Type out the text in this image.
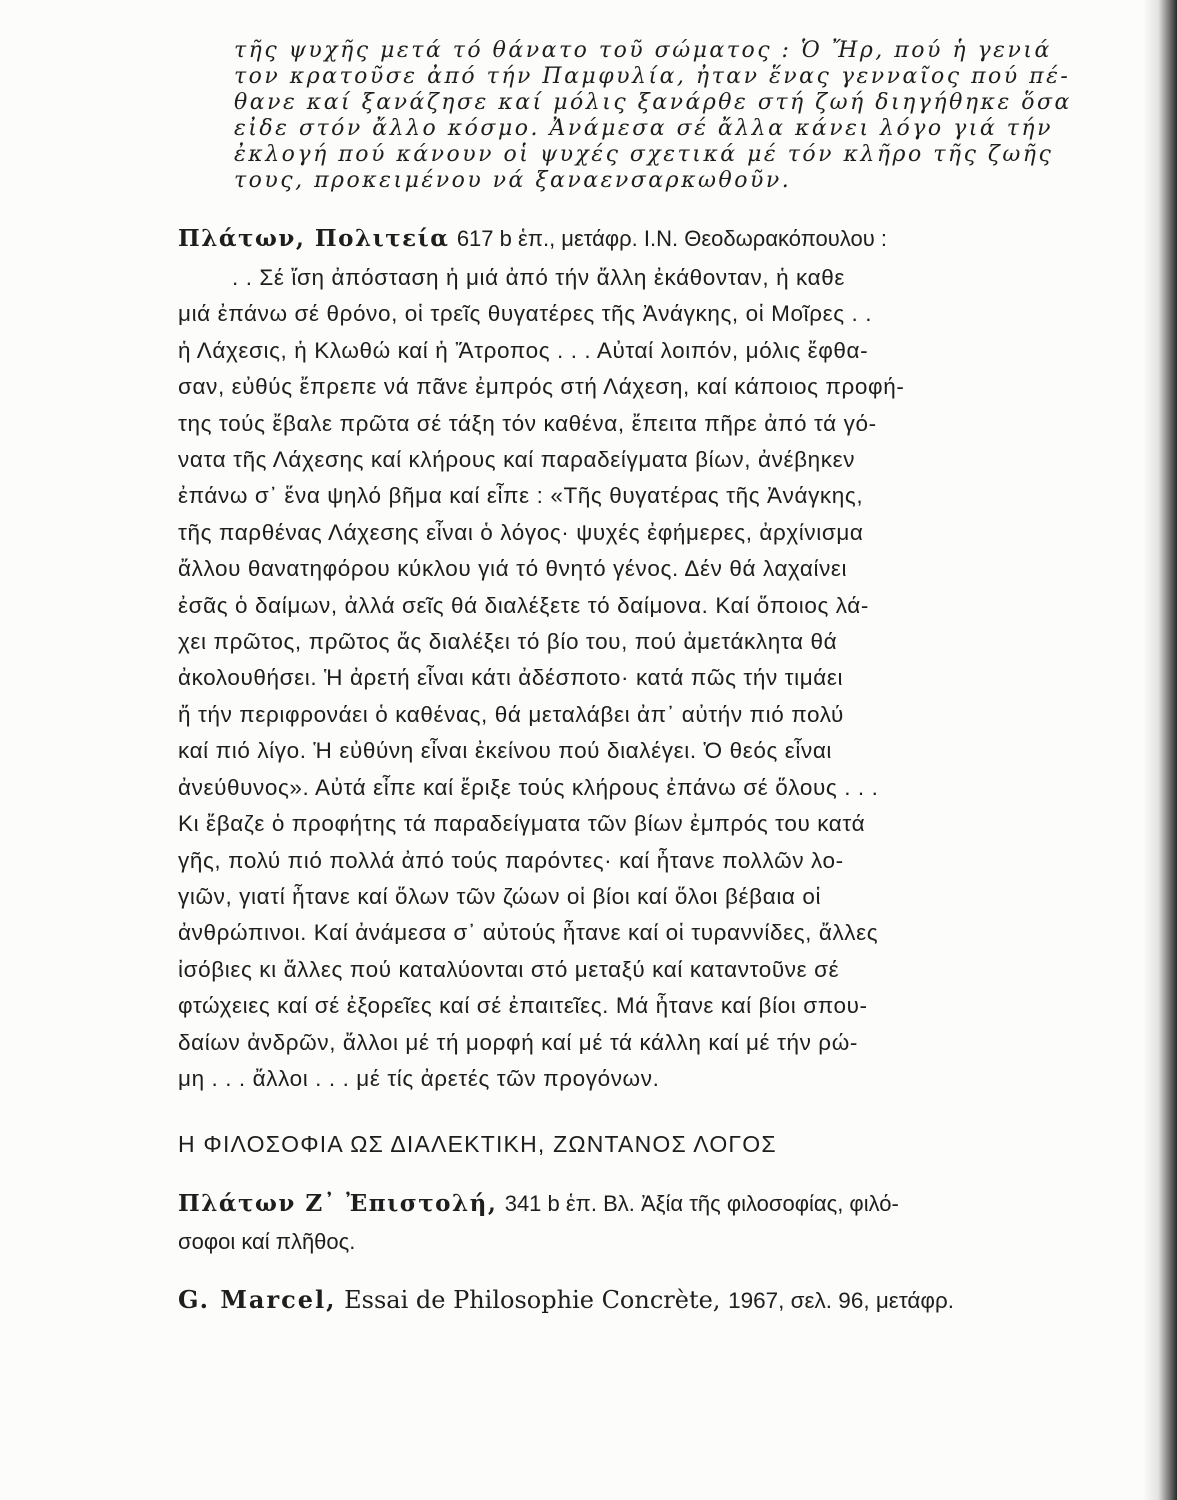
τῆς ψυχῆς μετά τό θάνατο τοῦ σώματος : Ὁ Ἤρ, πού ἡ γενιά
τον κρατοῦσε ἀπό τήν Παμφυλία, ἦταν ἕνας γενναῖος πού πέ-
θανε καί ξανάζησε καί μόλις ξανάρθε στή ζωή διηγήθηκε ὅσα
εἶδε στόν ἄλλο κόσμο. Ἀνάμεσα σέ ἄλλα κάνει λόγο γιά τήν
ἐκλογή πού κάνουν οἱ ψυχές σχετικά μέ τόν κλῆρο τῆς ζωῆς
τους, προκειμένου νά ξαναενσαρκωθοῦν.
Πλάτων, Πολιτεία 617 b ἑπ., μετάφρ. Ι.Ν. Θεοδωρακόπουλου :
. . Σέ ἴση ἀπόσταση ἡ μιά ἀπό τήν ἄλλη ἐκάθονταν, ἡ καθε
μιά ἐπάνω σέ θρόνο, οἱ τρεῖς θυγατέρες τῆς Ἀνάγκης, οἱ Μοῖρες . .
ἡ Λάχεσις, ἡ Κλωθώ καί ἡ Ἄτροπος . . . Αὐταί λοιπόν, μόλις ἔφθα-
σαν, εὐθύς ἔπρεπε νά πᾶνε ἐμπρός στή Λάχεση, καί κάποιος προφή-
της τούς ἔβαλε πρῶτα σέ τάξη τόν καθένα, ἔπειτα πῆρε ἀπό τά γό-
νατα τῆς Λάχεσης καί κλήρους καί παραδείγματα βίων, ἀνέβηκεν
ἐπάνω σ᾽ ἕνα ψηλό βῆμα καί εἶπε : «Τῆς θυγατέρας τῆς Ἀνάγκης,
τῆς παρθένας Λάχεσης εἶναι ὁ λόγος· ψυχές ἐφήμερες, ἀρχίνισμα
ἄλλου θανατηφόρου κύκλου γιά τό θνητό γένος. Δέν θά λαχαίνει
ἐσᾶς ὁ δαίμων, ἀλλά σεῖς θά διαλέξετε τό δαίμονα. Καί ὅποιος λά-
χει πρῶτος, πρῶτος ἄς διαλέξει τό βίο του, πού ἀμετάκλητα θά
ἀκολουθήσει. Ἡ ἀρετή εἶναι κάτι ἀδέσποτο· κατά πῶς τήν τιμάει
ἤ τήν περιφρονάει ὁ καθένας, θά μεταλάβει ἀπ᾽ αὐτήν πιό πολύ
καί πιό λίγο. Ἡ εὐθύνη εἶναι ἐκείνου πού διαλέγει. Ὁ θεός εἶναι
ἀνεύθυνος». Αὐτά εἶπε καί ἔριξε τούς κλήρους ἐπάνω σέ ὅλους . . .
Κι ἔβαζε ὁ προφήτης τά παραδείγματα τῶν βίων ἐμπρός του κατά
γῆς, πολύ πιό πολλά ἀπό τούς παρόντες· καί ἦτανε πολλῶν λο-
γιῶν, γιατί ἦτανε καί ὅλων τῶν ζώων οἱ βίοι καί ὅλοι βέβαια οἱ
ἀνθρώπινοι. Καί ἀνάμεσα σ᾽ αὐτούς ἦτανε καί οἱ τυραννίδες, ἄλλες
ἰσόβιες κι ἄλλες πού καταλύονται στό μεταξύ καί καταντοῦνε σέ
φτώχειες καί σέ ἐξορεῖες καί σέ ἐπαιτεῖες. Μά ἦτανε καί βίοι σπου-
δαίων ἀνδρῶν, ἄλλοι μέ τή μορφή καί μέ τά κάλλη καί μέ τήν ρώ-
μη . . . ἄλλοι . . . μέ τίς ἀρετές τῶν προγόνων.
Η ΦΙΛΟΣΟΦΙΑ ΩΣ ΔΙΑΛΕΚΤΙΚΗ, ΖΩΝΤΑΝΟΣ ΛΟΓΟΣ
Πλάτων Ζ᾽ Ἐπιστολή, 341 b ἑπ. Βλ. Ἀξία τῆς φιλοσοφίας, φιλό-
σοφοι καί πλῆθος.
G. Marcel, Essai de Philosophie Concrète, 1967, σελ. 96, μετάφρ.
